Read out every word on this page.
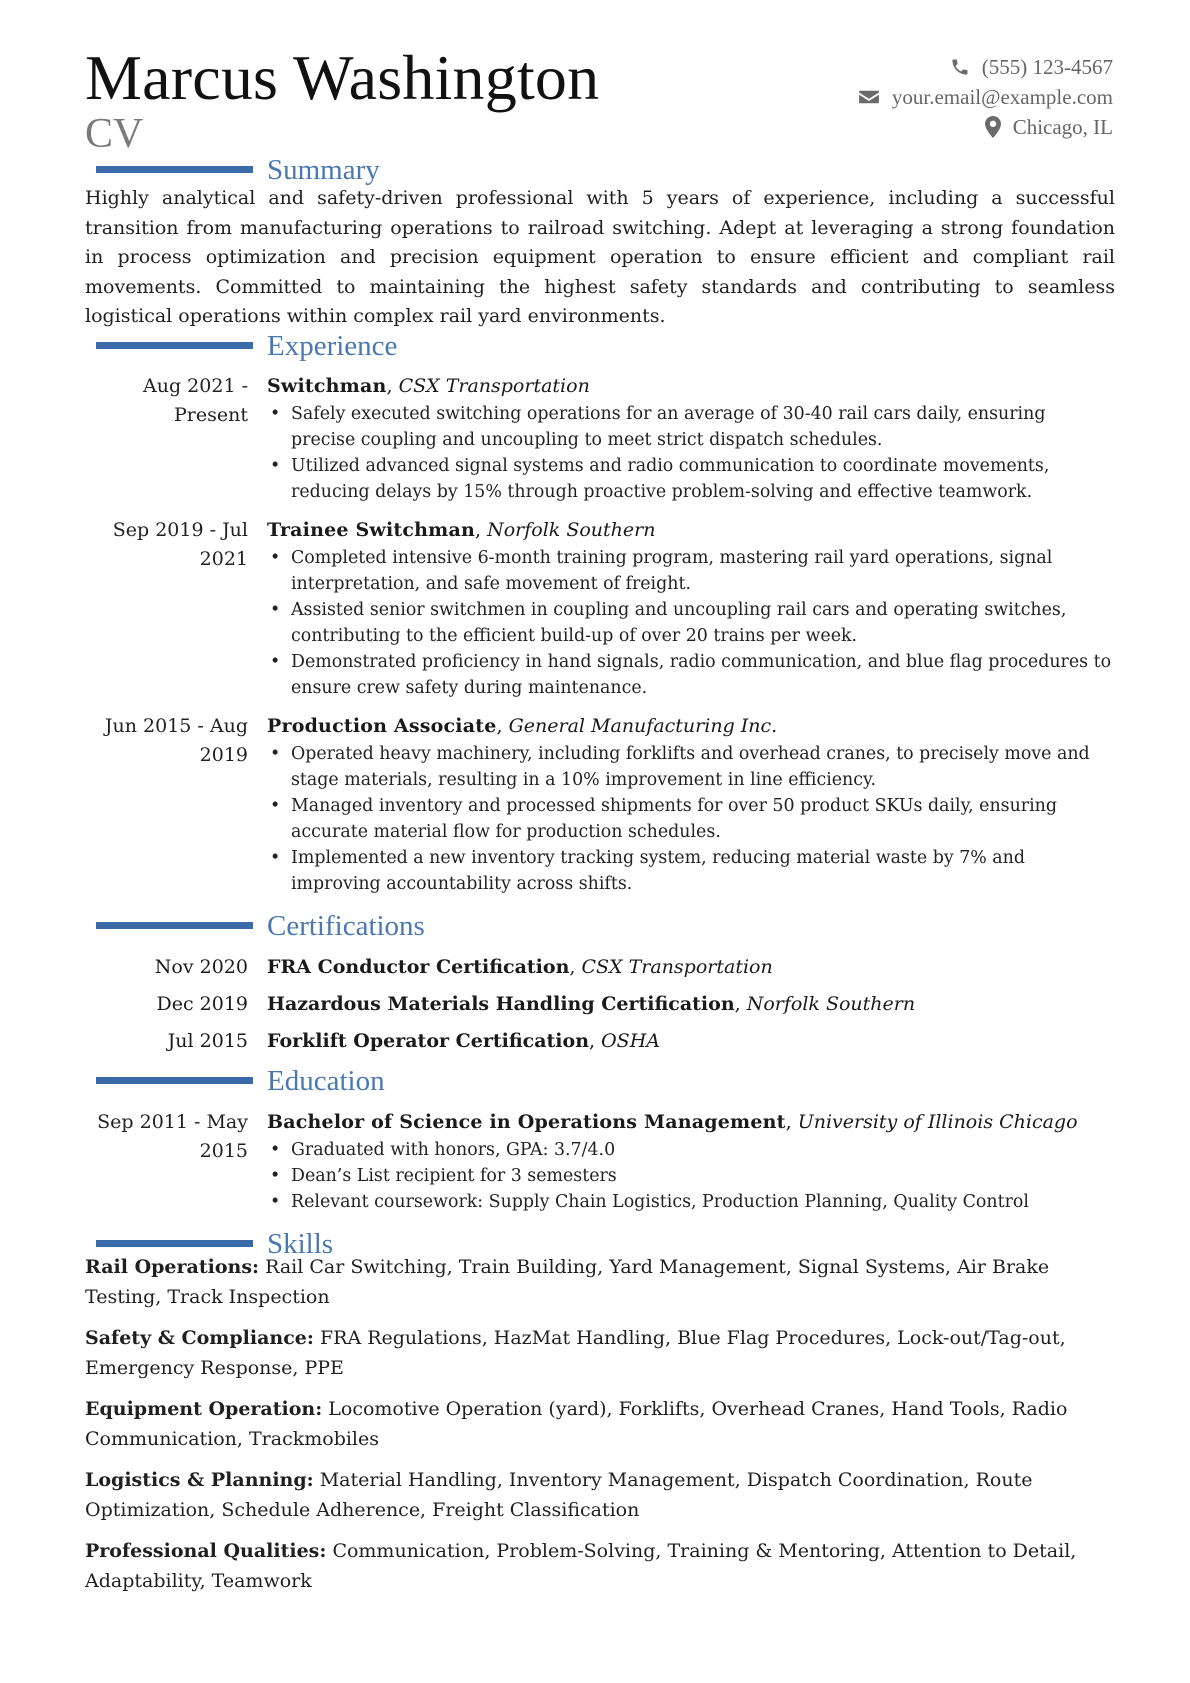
Marcus Washington
CV
(555) 123-4567
your.email@example.com
Chicago, IL
Summary
Highly analytical and safety-driven professional with 5 years of experience, including a successful transition from manufacturing operations to railroad switching. Adept at leveraging a strong foundation in process optimization and precision equipment operation to ensure efficient and compliant rail movements. Committed to maintaining the highest safety standards and contributing to seamless logistical operations within complex rail yard environments.
Experience
Aug 2021 - Present
Switchman, CSX Transportation
• Safely executed switching operations for an average of 30-40 rail cars daily, ensuring precise coupling and uncoupling to meet strict dispatch schedules.
• Utilized advanced signal systems and radio communication to coordinate movements, reducing delays by 15% through proactive problem-solving and effective teamwork.
Sep 2019 - Jul 2021
Trainee Switchman, Norfolk Southern
• Completed intensive 6-month training program, mastering rail yard operations, signal interpretation, and safe movement of freight.
• Assisted senior switchmen in coupling and uncoupling rail cars and operating switches, contributing to the efficient build-up of over 20 trains per week.
• Demonstrated proficiency in hand signals, radio communication, and blue flag procedures to ensure crew safety during maintenance.
Jun 2015 - Aug 2019
Production Associate, General Manufacturing Inc.
• Operated heavy machinery, including forklifts and overhead cranes, to precisely move and stage materials, resulting in a 10% improvement in line efficiency.
• Managed inventory and processed shipments for over 50 product SKUs daily, ensuring accurate material flow for production schedules.
• Implemented a new inventory tracking system, reducing material waste by 7% and improving accountability across shifts.
Certifications
Nov 2020 FRA Conductor Certification, CSX Transportation
Dec 2019 Hazardous Materials Handling Certification, Norfolk Southern
Jul 2015 Forklift Operator Certification, OSHA
Education
Sep 2011 - May 2015
Bachelor of Science in Operations Management, University of Illinois Chicago
• Graduated with honors, GPA: 3.7/4.0
• Dean’s List recipient for 3 semesters
• Relevant coursework: Supply Chain Logistics, Production Planning, Quality Control
Skills
Rail Operations: Rail Car Switching, Train Building, Yard Management, Signal Systems, Air Brake Testing, Track Inspection
Safety & Compliance: FRA Regulations, HazMat Handling, Blue Flag Procedures, Lock-out/Tag-out, Emergency Response, PPE
Equipment Operation: Locomotive Operation (yard), Forklifts, Overhead Cranes, Hand Tools, Radio Communication, Trackmobiles
Logistics & Planning: Material Handling, Inventory Management, Dispatch Coordination, Route Optimization, Schedule Adherence, Freight Classification
Professional Qualities: Communication, Problem-Solving, Training & Mentoring, Attention to Detail, Adaptability, Teamwork
